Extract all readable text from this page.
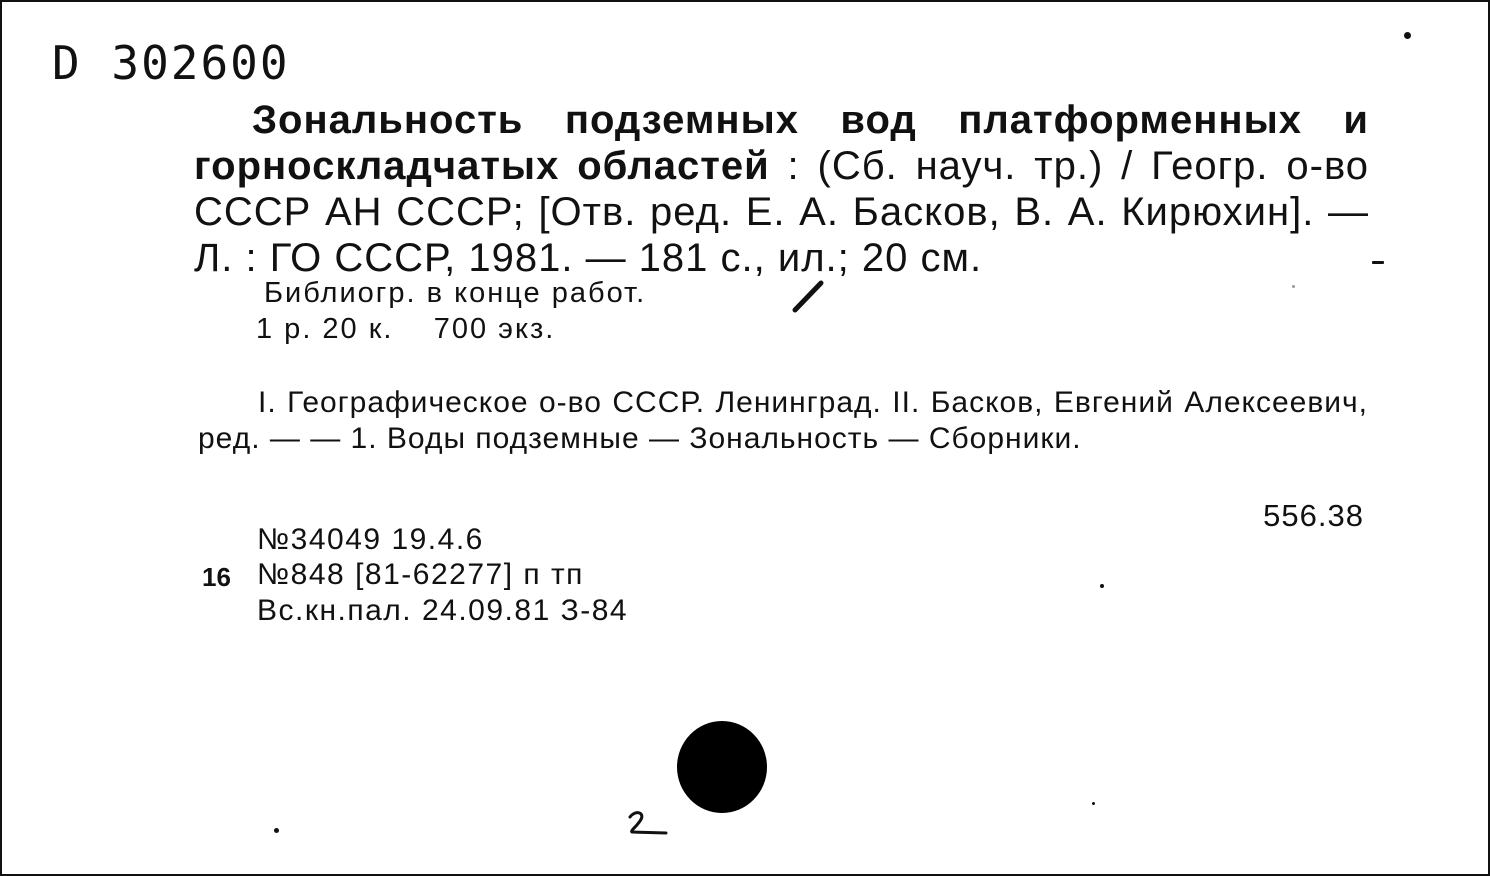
D 302600
Зональность подземных вод платформенных и горноскладчатых областей : (Сб. науч. тр.) / Геогр. о-во СССР АН СССР; [Отв. ред. Е. А. Басков, В. А. Кирюхин]. — Л. : ГО СССР, 1981. — 181 с., ил.; 20 см.
Библиогр. в конце работ.
1 р. 20 к.    700 экз.
I. Географическое о-во СССР. Ленинград. II. Басков, Евгений Алексеевич, ред. — — 1. Воды подземные — Зональность — Сборники.
556.38
№34049 19.4.6
16 №848 [81-62277] п тп
Вс.кн.пал. 24.09.81 З-84
